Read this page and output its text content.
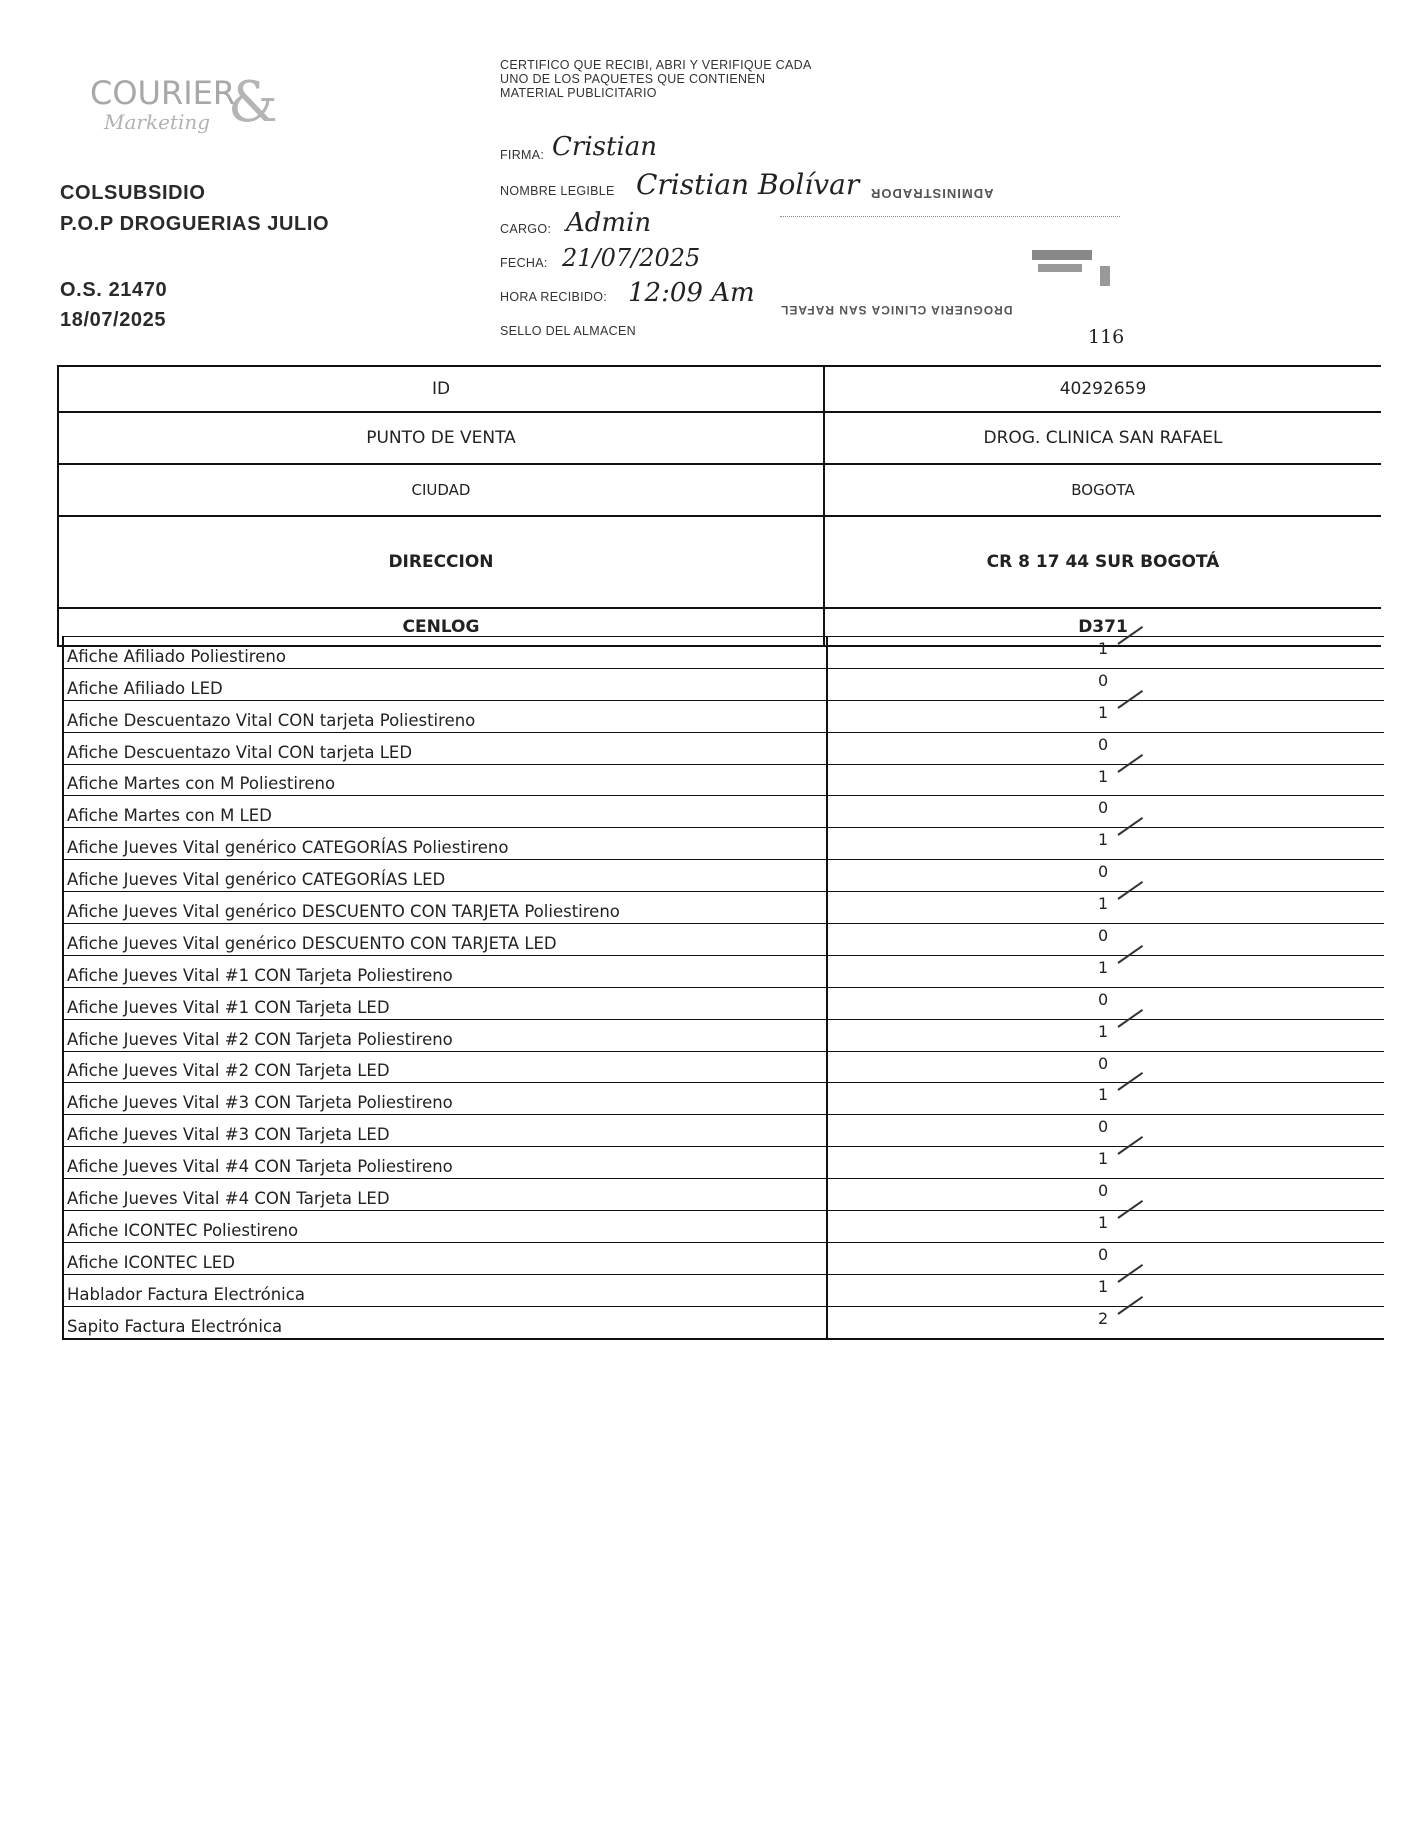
COURIER
Marketing &
COLSUBSIDIO
P.O.P DROGUERIAS JULIO
O.S. 21470
18/07/2025
CERTIFICO QUE RECIBI, ABRI Y VERIFIQUE CADA UNO DE LOS PAQUETES QUE CONTIENEN MATERIAL PUBLICITARIO
FIRMA: Cristian
NOMBRE LEGIBLE Cristian Bolívar ADMINISTRADOR
CARGO: Admin
FECHA: 21/07/2025
HORA RECIBIDO: 12:09 Am
DROGUERIA CLINICA SAN RAFAEL
SELLO DEL ALMACEN	116
ID	40292659
PUNTO DE VENTA	DROG. CLINICA SAN RAFAEL
CIUDAD	BOGOTA
DIRECCION	CR 8 17 44 SUR BOGOTÁ
CENLOG	D371
Afiche Afiliado Poliestireno	1
Afiche Afiliado LED	0
Afiche Descuentazo Vital CON tarjeta Poliestireno	1
Afiche Descuentazo Vital CON tarjeta LED	0
Afiche Martes con M Poliestireno	1
Afiche Martes con M LED	0
Afiche Jueves Vital genérico CATEGORÍAS Poliestireno	1
Afiche Jueves Vital genérico CATEGORÍAS LED	0
Afiche Jueves Vital genérico DESCUENTO CON TARJETA Poliestireno	1
Afiche Jueves Vital genérico DESCUENTO CON TARJETA LED	0
Afiche Jueves Vital #1 CON Tarjeta Poliestireno	1
Afiche Jueves Vital #1 CON Tarjeta LED	0
Afiche Jueves Vital #2 CON Tarjeta Poliestireno	1
Afiche Jueves Vital #2 CON Tarjeta LED	0
Afiche Jueves Vital #3 CON Tarjeta Poliestireno	1
Afiche Jueves Vital #3 CON Tarjeta LED	0
Afiche Jueves Vital #4 CON Tarjeta Poliestireno	1
Afiche Jueves Vital #4 CON Tarjeta LED	0
Afiche ICONTEC Poliestireno	1
Afiche ICONTEC LED	0
Hablador Factura Electrónica	1
Sapito Factura Electrónica	2
